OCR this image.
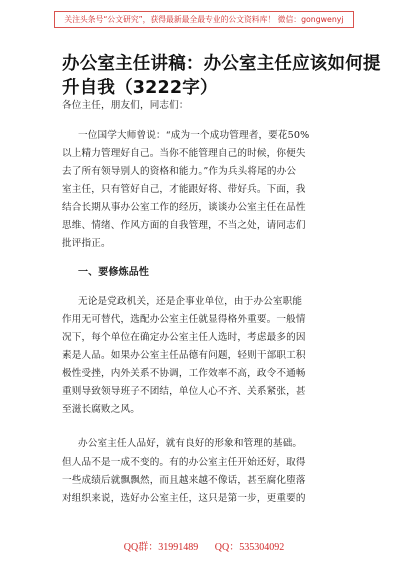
关注头条号“公文研究”，获得最新最全最专业的公文资料库！ 微信：gongwenyj
办公室主任讲稿：办公室主任应该如何提
升自我（3222字）
各位主任，朋友们，同志们：
一位国学大师曾说：“成为一个成功管理者，要花50%
以上精力管理好自己。当你不能管理自己的时候，你便失
去了所有领导别人的资格和能力。”作为兵头将尾的办公
室主任，只有管好自己，才能跟好将、带好兵。下面，我
结合长期从事办公室工作的经历，谈谈办公室主任在品性
思维、情绪、作风方面的自我管理，不当之处，请同志们
批评指正。
一、要修炼品性
无论是党政机关，还是企事业单位，由于办公室职能
作用无可替代，选配办公室主任就显得格外重要。一般情
况下，每个单位在确定办公室主任人选时，考虑最多的因
素是人品。如果办公室主任品德有问题，轻则干部职工积
极性受挫，内外关系不协调，工作效率不高，政令不通畅
重则导致领导班子不团结，单位人心不齐、关系紧张，甚
至滋长腐败之风。
办公室主任人品好，就有良好的形象和管理的基础。
但人品不是一成不变的。有的办公室主任开始还好，取得
一些成绩后就飘飘然，而且越来越不像话，甚至腐化堕落
对组织来说，选好办公室主任，这只是第一步，更重要的
QQ群：31991489 QQ：535304092
